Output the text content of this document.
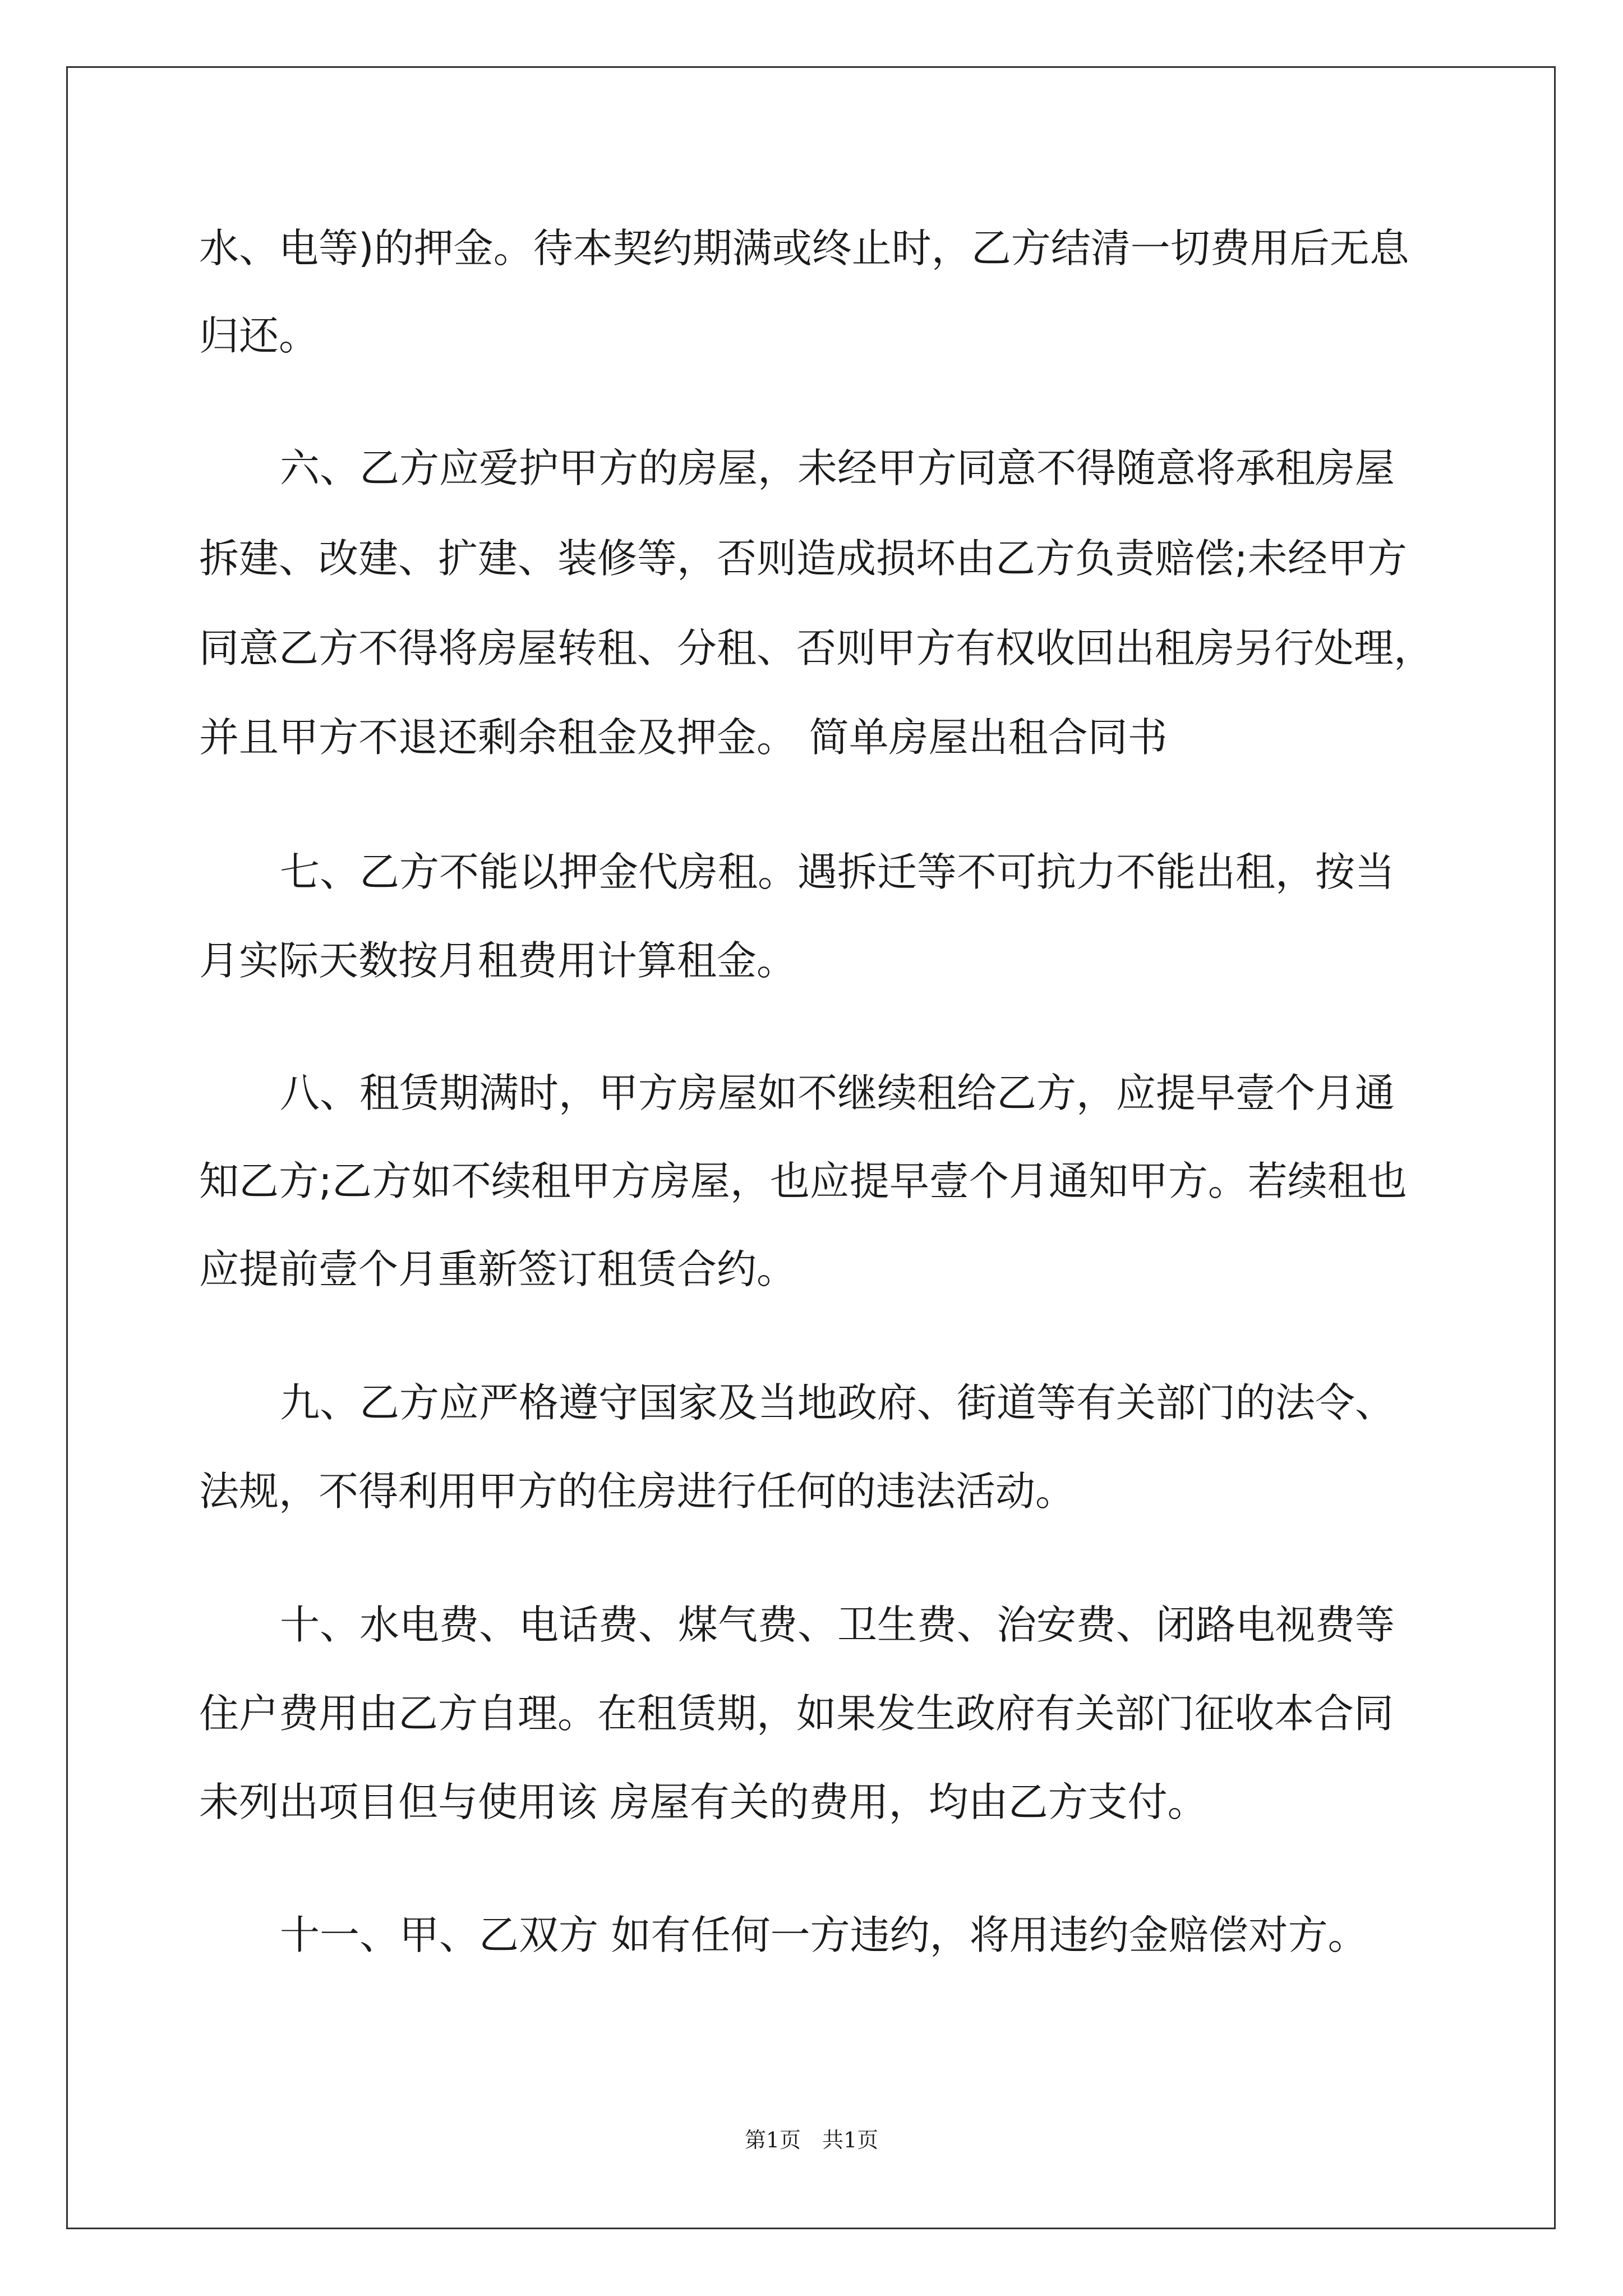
水、电等)的押金。待本契约期满或终止时，乙方结清一切费用后无息
归还。
六、乙方应爱护甲方的房屋，未经甲方同意不得随意将承租房屋
拆建、改建、扩建、装修等，否则造成损坏由乙方负责赔偿;未经甲方
同意乙方不得将房屋转租、分租、否则甲方有权收回出租房另行处理，
并且甲方不退还剩余租金及押金。 简单房屋出租合同书
七、乙方不能以押金代房租。遇拆迁等不可抗力不能出租，按当
月实际天数按月租费用计算租金。
八、租赁期满时，甲方房屋如不继续租给乙方，应提早壹个月通
知乙方;乙方如不续租甲方房屋，也应提早壹个月通知甲方。若续租也
应提前壹个月重新签订租赁合约。
九、乙方应严格遵守国家及当地政府、街道等有关部门的法令、
法规，不得利用甲方的住房进行任何的违法活动。
十、水电费、电话费、煤气费、卫生费、治安费、闭路电视费等
住户费用由乙方自理。在租赁期，如果发生政府有关部门征收本合同
未列出项目但与使用该 房屋有关的费用，均由乙方支付。
十一、甲、乙双方 如有任何一方违约，将用违约金赔偿对方。
第1页　共1页
